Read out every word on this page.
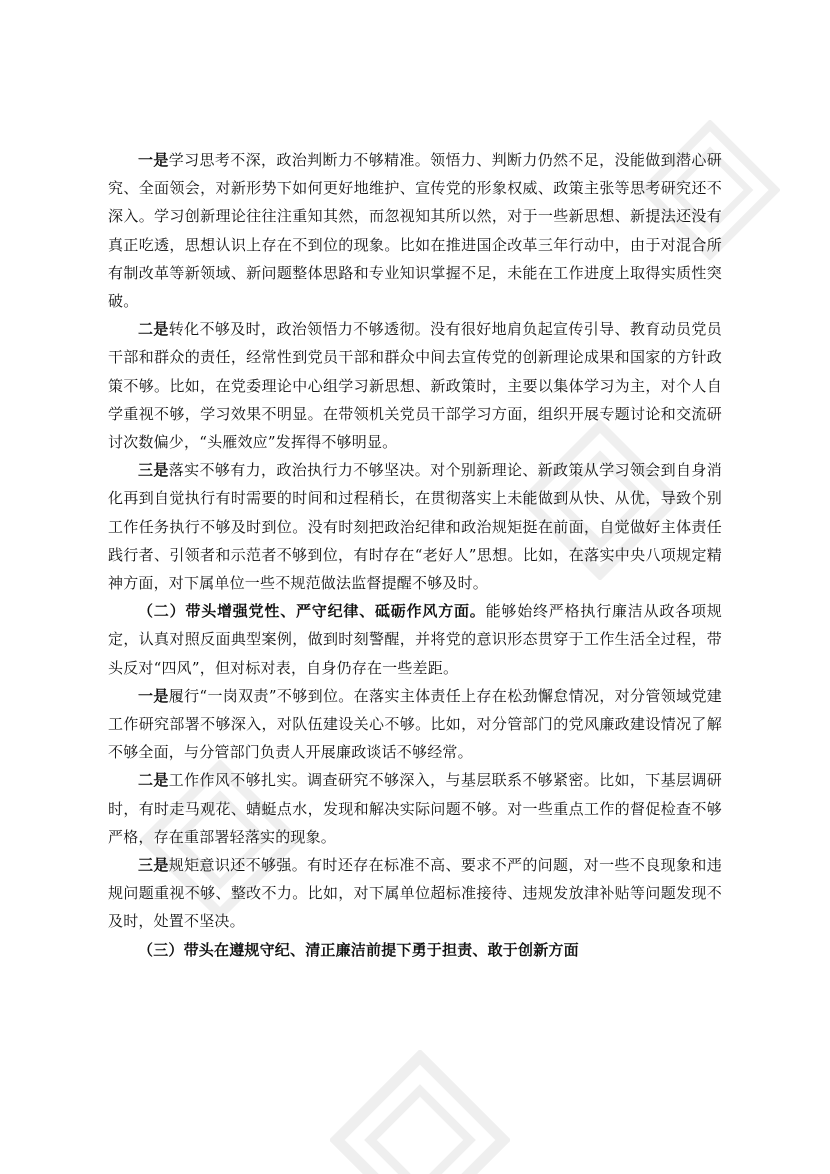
一是学习思考不深，政治判断力不够精准。领悟力、判断力仍然不足，没能做到潜心研究、全面领会，对新形势下如何更好地维护、宣传党的形象权威、政策主张等思考研究还不深入。学习创新理论往往注重知其然，而忽视知其所以然，对于一些新思想、新提法还没有真正吃透，思想认识上存在不到位的现象。比如在推进国企改革三年行动中，由于对混合所有制改革等新领域、新问题整体思路和专业知识掌握不足，未能在工作进度上取得实质性突破。

二是转化不够及时，政治领悟力不够透彻。没有很好地肩负起宣传引导、教育动员党员干部和群众的责任，经常性到党员干部和群众中间去宣传党的创新理论成果和国家的方针政策不够。比如，在党委理论中心组学习新思想、新政策时，主要以集体学习为主，对个人自学重视不够，学习效果不明显。在带领机关党员干部学习方面，组织开展专题讨论和交流研讨次数偏少，“头雁效应”发挥得不够明显。

三是落实不够有力，政治执行力不够坚决。对个别新理论、新政策从学习领会到自身消化再到自觉执行有时需要的时间和过程稍长，在贯彻落实上未能做到从快、从优，导致个别工作任务执行不够及时到位。没有时刻把政治纪律和政治规矩挺在前面，自觉做好主体责任践行者、引领者和示范者不够到位，有时存在“老好人”思想。比如，在落实中央八项规定精神方面，对下属单位一些不规范做法监督提醒不够及时。

（二）带头增强党性、严守纪律、砥砺作风方面。能够始终严格执行廉洁从政各项规定，认真对照反面典型案例，做到时刻警醒，并将党的意识形态贯穿于工作生活全过程，带头反对“四风”，但对标对表，自身仍存在一些差距。

一是履行“一岗双责”不够到位。在落实主体责任上存在松劲懈怠情况，对分管领域党建工作研究部署不够深入，对队伍建设关心不够。比如，对分管部门的党风廉政建设情况了解不够全面，与分管部门负责人开展廉政谈话不够经常。

二是工作作风不够扎实。调查研究不够深入，与基层联系不够紧密。比如，下基层调研时，有时走马观花、蜻蜓点水，发现和解决实际问题不够。对一些重点工作的督促检查不够严格，存在重部署轻落实的现象。

三是规矩意识还不够强。有时还存在标准不高、要求不严的问题，对一些不良现象和违规问题重视不够、整改不力。比如，对下属单位超标准接待、违规发放津补贴等问题发现不及时，处置不坚决。

（三）带头在遵规守纪、清正廉洁前提下勇于担责、敢于创新方面
